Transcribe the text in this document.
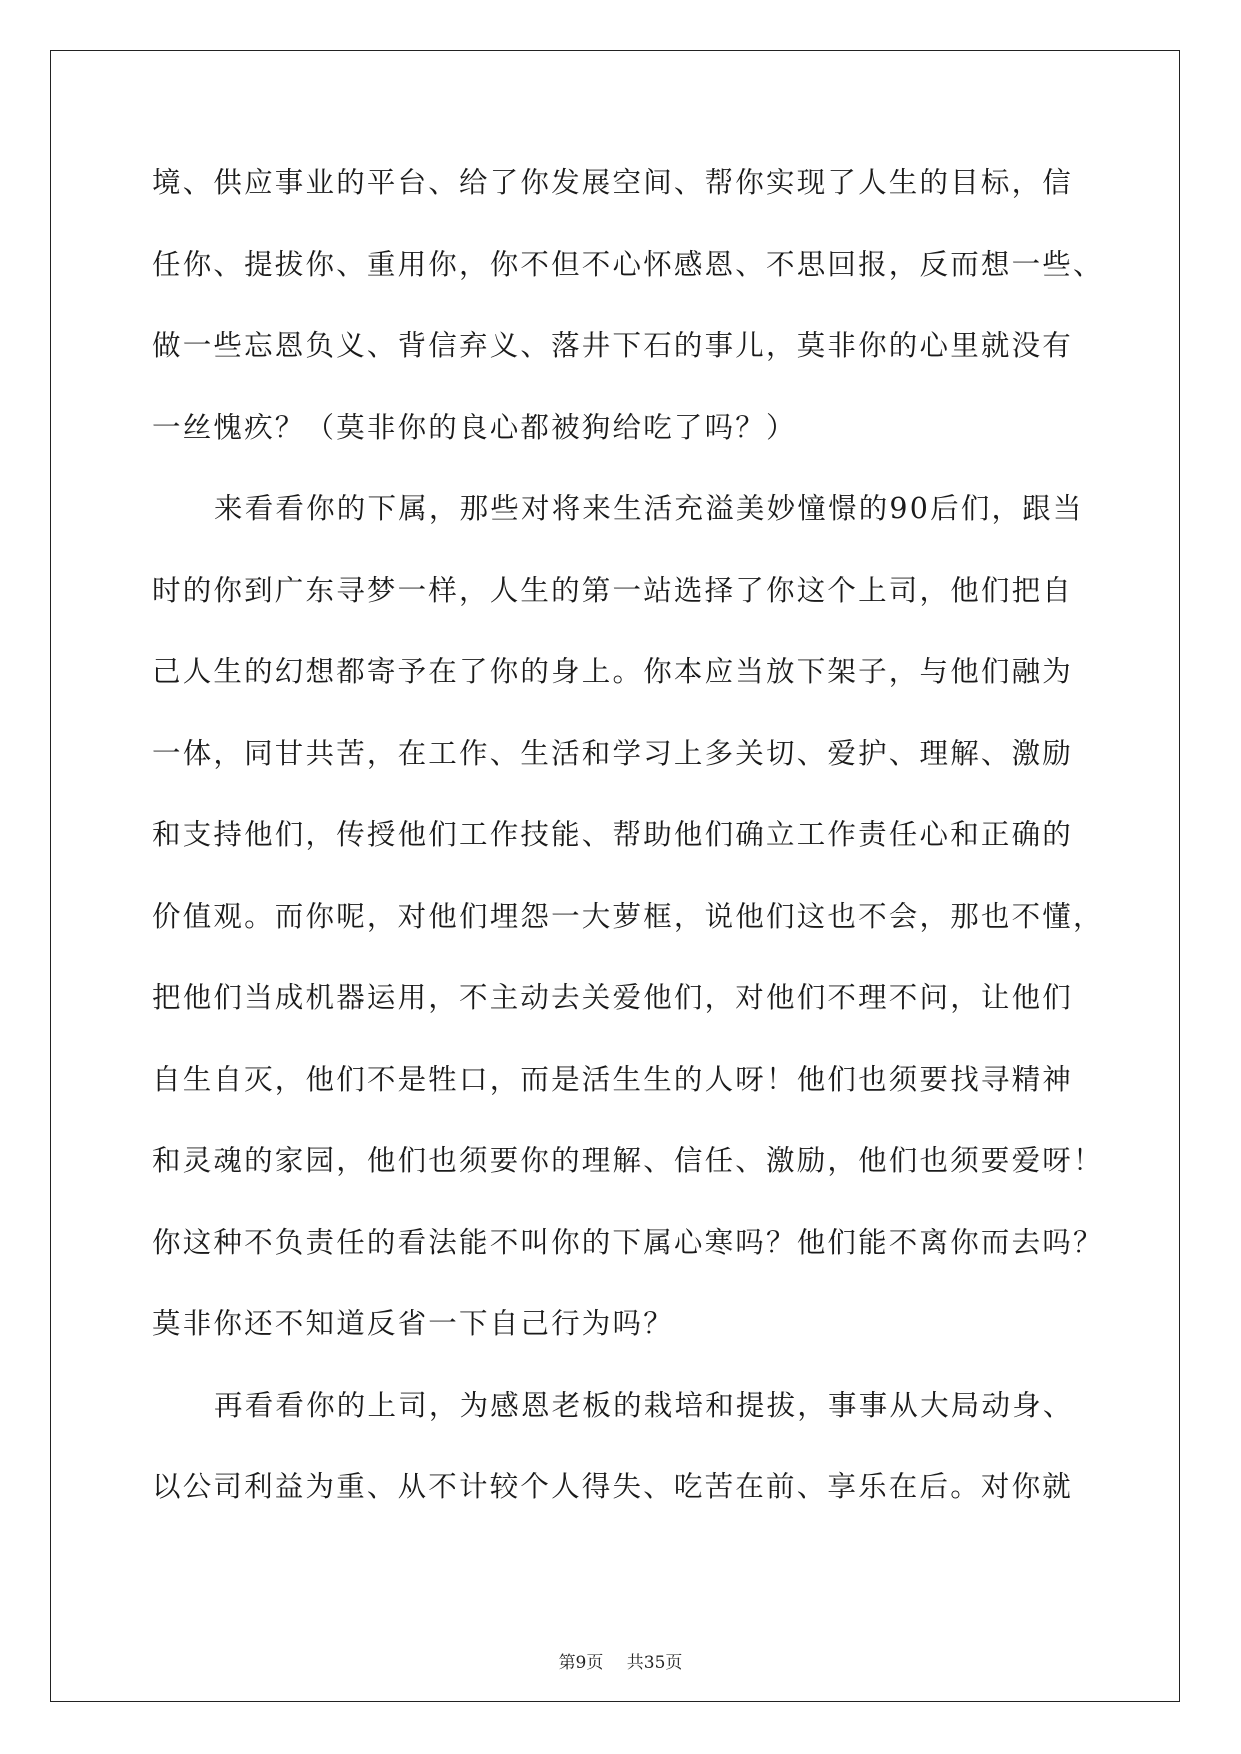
境、供应事业的平台、给了你发展空间、帮你实现了人生的目标，信
任你、提拔你、重用你，你不但不心怀感恩、不思回报，反而想一些、
做一些忘恩负义、背信弃义、落井下石的事儿，莫非你的心里就没有
一丝愧疚？（莫非你的良心都被狗给吃了吗？）
来看看你的下属，那些对将来生活充溢美妙憧憬的90后们，跟当
时的你到广东寻梦一样，人生的第一站选择了你这个上司，他们把自
己人生的幻想都寄予在了你的身上。你本应当放下架子，与他们融为
一体，同甘共苦，在工作、生活和学习上多关切、爱护、理解、激励
和支持他们，传授他们工作技能、帮助他们确立工作责任心和正确的
价值观。而你呢，对他们埋怨一大萝框，说他们这也不会，那也不懂，
把他们当成机器运用，不主动去关爱他们，对他们不理不问，让他们
自生自灭，他们不是牲口，而是活生生的人呀！他们也须要找寻精神
和灵魂的家园，他们也须要你的理解、信任、激励，他们也须要爱呀！
你这种不负责任的看法能不叫你的下属心寒吗？他们能不离你而去吗？
莫非你还不知道反省一下自己行为吗？
再看看你的上司，为感恩老板的栽培和提拔，事事从大局动身、
以公司利益为重、从不计较个人得失、吃苦在前、享乐在后。对你就
第9页 共35页
